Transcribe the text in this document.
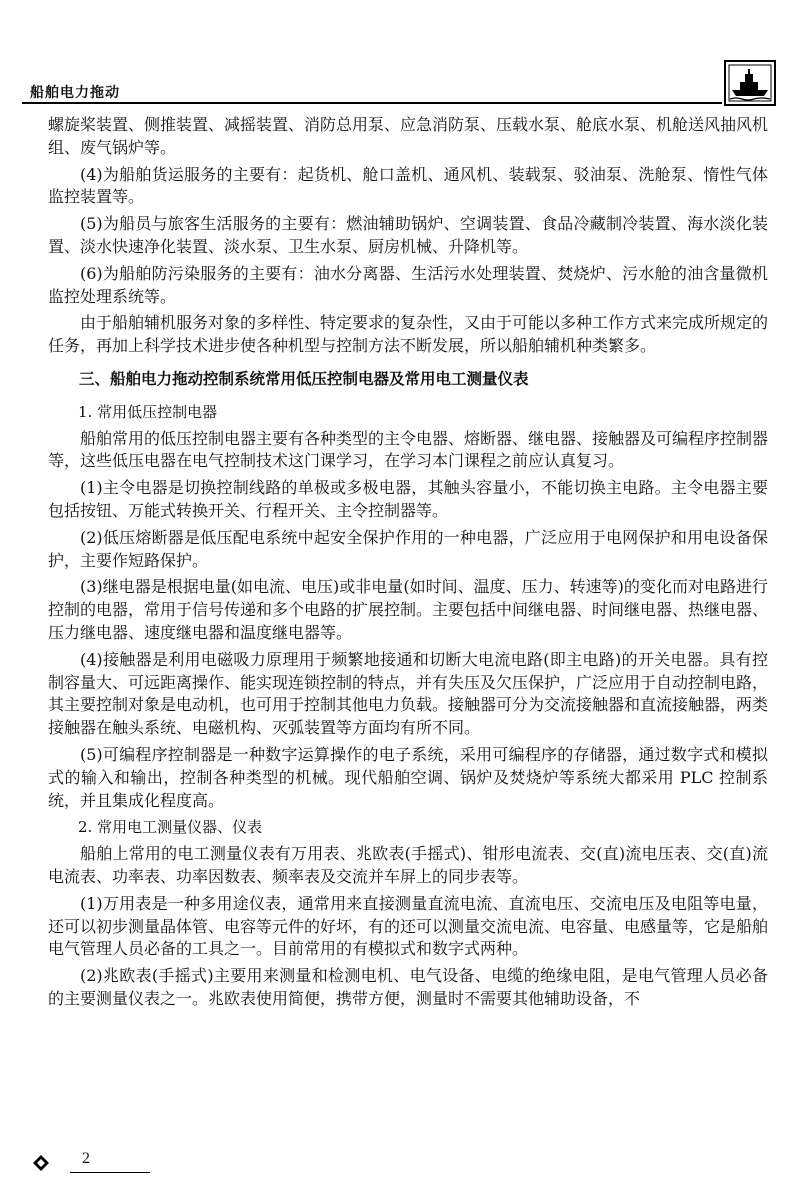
船舶电力拖动

螺旋桨装置、侧推装置、减摇装置、消防总用泵、应急消防泵、压载水泵、舱底水泵、机舱送风抽风机组、废气锅炉等。

(4)为船舶货运服务的主要有：起货机、舱口盖机、通风机、装载泵、驳油泵、洗舱泵、惰性气体监控装置等。

(5)为船员与旅客生活服务的主要有：燃油辅助锅炉、空调装置、食品冷藏制冷装置、海水淡化装置、淡水快速净化装置、淡水泵、卫生水泵、厨房机械、升降机等。

(6)为船舶防污染服务的主要有：油水分离器、生活污水处理装置、焚烧炉、污水舱的油含量微机监控处理系统等。

由于船舶辅机服务对象的多样性、特定要求的复杂性，又由于可能以多种工作方式来完成所规定的任务，再加上科学技术进步使各种机型与控制方法不断发展，所以船舶辅机种类繁多。

三、船舶电力拖动控制系统常用低压控制电器及常用电工测量仪表
1. 常用低压控制电器

船舶常用的低压控制电器主要有各种类型的主令电器、熔断器、继电器、接触器及可编程序控制器等，这些低压电器在电气控制技术这门课学习，在学习本门课程之前应认真复习。

(1)主令电器是切换控制线路的单极或多极电器，其触头容量小，不能切换主电路。主令电器主要包括按钮、万能式转换开关、行程开关、主令控制器等。

(2)低压熔断器是低压配电系统中起安全保护作用的一种电器，广泛应用于电网保护和用电设备保护，主要作短路保护。

(3)继电器是根据电量(如电流、电压)或非电量(如时间、温度、压力、转速等)的变化而对电路进行控制的电器，常用于信号传递和多个电路的扩展控制。主要包括中间继电器、时间继电器、热继电器、压力继电器、速度继电器和温度继电器等。

(4)接触器是利用电磁吸力原理用于频繁地接通和切断大电流电路(即主电路)的开关电器。具有控制容量大、可远距离操作、能实现连锁控制的特点，并有失压及欠压保护，广泛应用于自动控制电路，其主要控制对象是电动机，也可用于控制其他电力负载。接触器可分为交流接触器和直流接触器，两类接触器在触头系统、电磁机构、灭弧装置等方面均有所不同。

(5)可编程序控制器是一种数字运算操作的电子系统，采用可编程序的存储器，通过数字式和模拟式的输入和输出，控制各种类型的机械。现代船舶空调、锅炉及焚烧炉等系统大都采用 PLC 控制系统，并且集成化程度高。

2. 常用电工测量仪器、仪表

船舶上常用的电工测量仪表有万用表、兆欧表(手摇式)、钳形电流表、交(直)流电压表、交(直)流电流表、功率表、功率因数表、频率表及交流并车屏上的同步表等。

(1)万用表是一种多用途仪表，通常用来直接测量直流电流、直流电压、交流电压及电阻等电量，还可以初步测量晶体管、电容等元件的好坏，有的还可以测量交流电流、电容量、电感量等，它是船舶电气管理人员必备的工具之一。目前常用的有模拟式和数字式两种。

(2)兆欧表(手摇式)主要用来测量和检测电机、电气设备、电缆的绝缘电阻，是电气管理人员必备的主要测量仪表之一。兆欧表使用简便，携带方便，测量时不需要其他辅助设备，不

2
